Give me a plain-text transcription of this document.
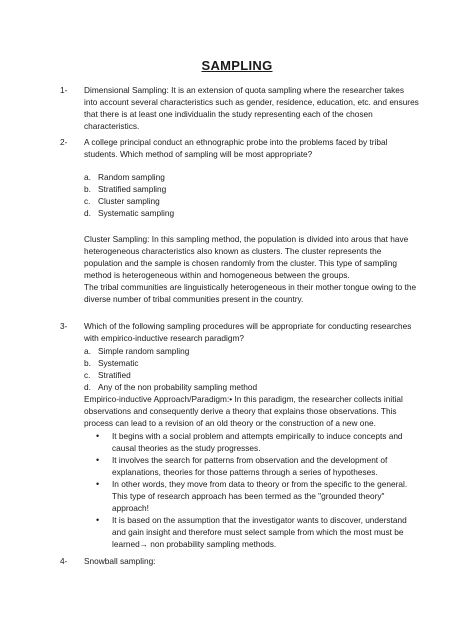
SAMPLING
1- Dimensional Sampling: It is an extension of quota sampling where the researcher takes into account several characteristics such as gender, residence, education, etc. and ensures that there is at least one individualin the study representing each of the chosen characteristics.
2- A college principal conduct an ethnographic probe into the problems faced by tribal students. Which method of sampling will be most appropriate?
a. Random sampling
b. Stratified sampling
c. Cluster sampling
d. Systematic sampling
Cluster Sampling: In this sampling method, the population is divided into arous that have heterogeneous characteristics also known as clusters. The cluster represents the population and the sample is chosen randomly from the cluster. This type of sampling method is heterogeneous within and homogeneous between the groups.
The tribal communities are linguistically heterogeneous in their mother tongue owing to the diverse number of tribal communities present in the country.
3- Which of the following sampling procedures will be appropriate for conducting researches with empirico-inductive research paradigm?
a. Simple random sampling
b. Systematic
c. Stratified
d. Any of the non probability sampling method
Empirico-inductive Approach/Paradigm:• In this paradigm, the researcher collects initial observations and consequently derive a theory that explains those observations. This process can lead to a revision of an old theory or the construction of a new one.
•	It begins with a social problem and attempts empirically to induce concepts and causal theories as the study progresses.
•	It involves the search for patterns from observation and the development of explanations, theories for those patterns through a series of hypotheses.
•	In other words, they move from data to theory or from the specific to the general. This type of research approach has been termed as the "grounded theory" approach!
•	It is based on the assumption that the investigator wants to discover, understand and gain insight and therefore must select sample from which the most must be learned→ non probability sampling methods.
4- Snowball sampling:
